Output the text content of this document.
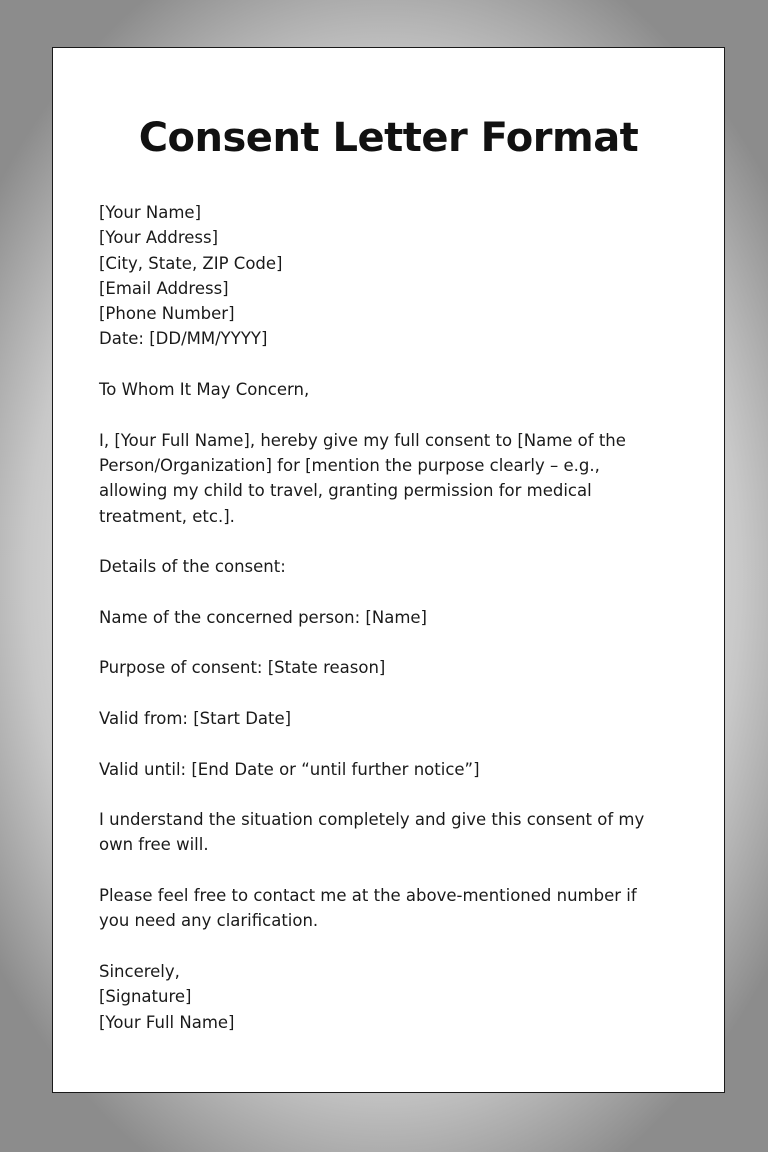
Consent Letter Format

[Your Name]
[Your Address]
[City, State, ZIP Code]
[Email Address]
[Phone Number]
Date: [DD/MM/YYYY]

To Whom It May Concern,

I, [Your Full Name], hereby give my full consent to [Name of the
Person/Organization] for [mention the purpose clearly – e.g.,
allowing my child to travel, granting permission for medical
treatment, etc.].

Details of the consent:

Name of the concerned person: [Name]

Purpose of consent: [State reason]

Valid from: [Start Date]

Valid until: [End Date or “until further notice”]

I understand the situation completely and give this consent of my
own free will.

Please feel free to contact me at the above-mentioned number if
you need any clarification.

Sincerely,
[Signature]
[Your Full Name]
